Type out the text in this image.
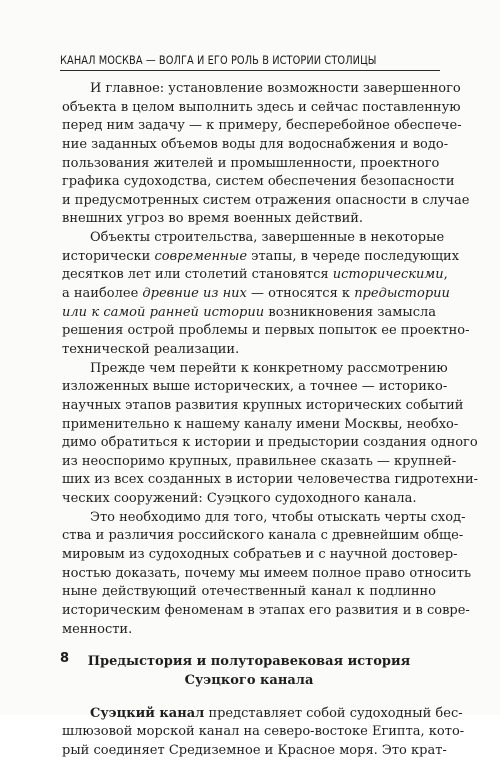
КАНАЛ МОСКВА — ВОЛГА И ЕГО РОЛЬ В ИСТОРИИ СТОЛИЦЫ
И главное: установление возможности завершенного
объекта в целом выполнить здесь и сейчас поставленную
перед ним задачу — к примеру, бесперебойное обеспече-
ние заданных объемов воды для водоснабжения и водо-
пользования жителей и промышленности, проектного
графика судоходства, систем обеспечения безопасности
и предусмотренных систем отражения опасности в случае
внешних угроз во время военных действий.
Объекты строительства, завершенные в некоторые
исторически современные этапы, в череде последующих
десятков лет или столетий становятся историческими,
а наиболее древние из них — относятся к предыстории
или к самой ранней истории возникновения замысла
решения острой проблемы и первых попыток ее проектно-
технической реализации.
Прежде чем перейти к конкретному рассмотрению
изложенных выше исторических, а точнее — историко-
научных этапов развития крупных исторических событий
применительно к нашему каналу имени Москвы, необхо-
димо обратиться к истории и предыстории создания одного
из неоспоримо крупных, правильнее сказать — крупней-
ших из всех созданных в истории человечества гидротехни-
ческих сооружений: Суэцкого судоходного канала.
Это необходимо для того, чтобы отыскать черты сход-
ства и различия российского канала с древнейшим обще-
мировым из судоходных собратьев и с научной достовер-
ностью доказать, почему мы имеем полное право относить
ныне действующий отечественный канал к подлинно
историческим феноменам в этапах его развития и в совре-
менности.
Предыстория и полуторавековая история
Суэцкого канала
Суэцкий канал представляет собой судоходный бес-
шлюзовой морской канал на северо-востоке Египта, кото-
рый соединяет Средиземное и Красное моря. Это крат-
8
